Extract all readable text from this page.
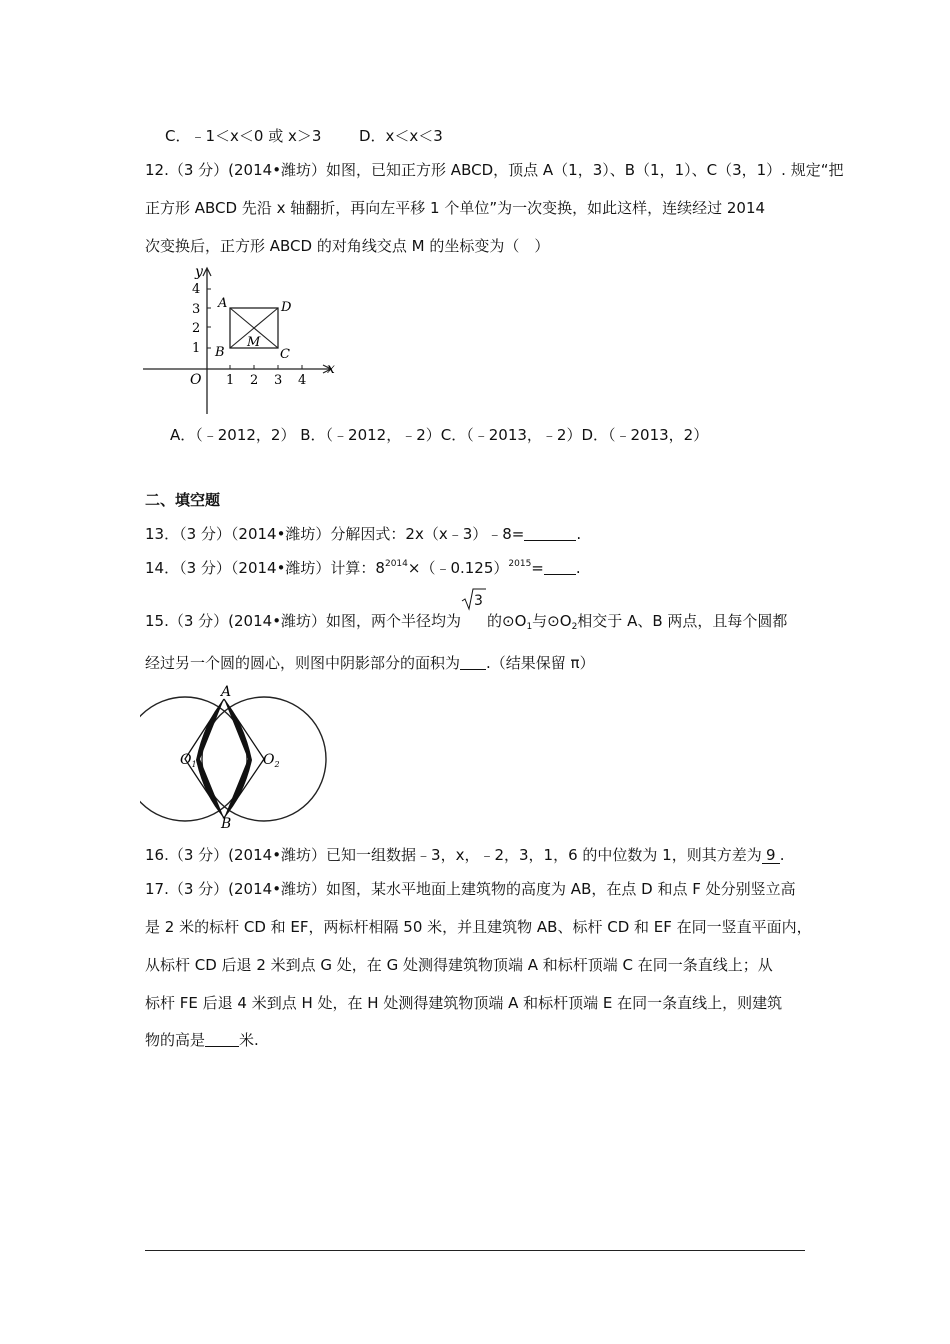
C．﹣1＜x＜0 或 x＞3	D．x＜x＜3
12.（3 分）(2014•潍坊）如图，已知正方形 ABCD，顶点 A（1，3）、B（1，1）、C（3，1）. 规定“把
正方形 ABCD 先沿 x 轴翻折，再向左平移 1 个单位”为一次变换，如此这样，连续经过 2014
次变换后，正方形 ABCD 的对角线交点 M 的坐标变为（　）
x
y
O 1 2 3 4
1
2
3
4
A
B	C
D
M
A．（﹣2012，2） B．（﹣2012，﹣2）C．（﹣2013，﹣2）D．（﹣2013，2）
二、填空题
13．（3 分）（2014•潍坊）分解因式：2x（x﹣3）﹣8=	.
14．（3 分）（2014•潍坊）计算：$8^{2014}\times(﹣0.125)^{2015}=$ .
15.（3 分）(2014•潍坊）如图，两个半径均为
3
的$⊙O_1$与$⊙O_2$相交于 A、B 两点，且每个圆都
经过另一个圆的圆心，则图中阴影部分的面积为 .（结果保留 π）
A
B
$O_1$	$O_2$
16.（3 分）(2014•潍坊）已知一组数据﹣3，x，﹣2，3，1，6 的中位数为 1，则其方差为 9 .
17.（3 分）(2014•潍坊）如图，某水平地面上建筑物的高度为 AB，在点 D 和点 F 处分别竖立高
是 2 米的标杆 CD 和 EF，两标杆相隔 50 米，并且建筑物 AB、标杆 CD 和 EF 在同一竖直平面内，
从标杆 CD 后退 2 米到点 G 处，在 G 处测得建筑物顶端 A 和标杆顶端 C 在同一条直线上；从
标杆 FE 后退 4 米到点 H 处，在 H 处测得建筑物顶端 A 和标杆顶端 E 在同一条直线上，则建筑
物的高是 米.
